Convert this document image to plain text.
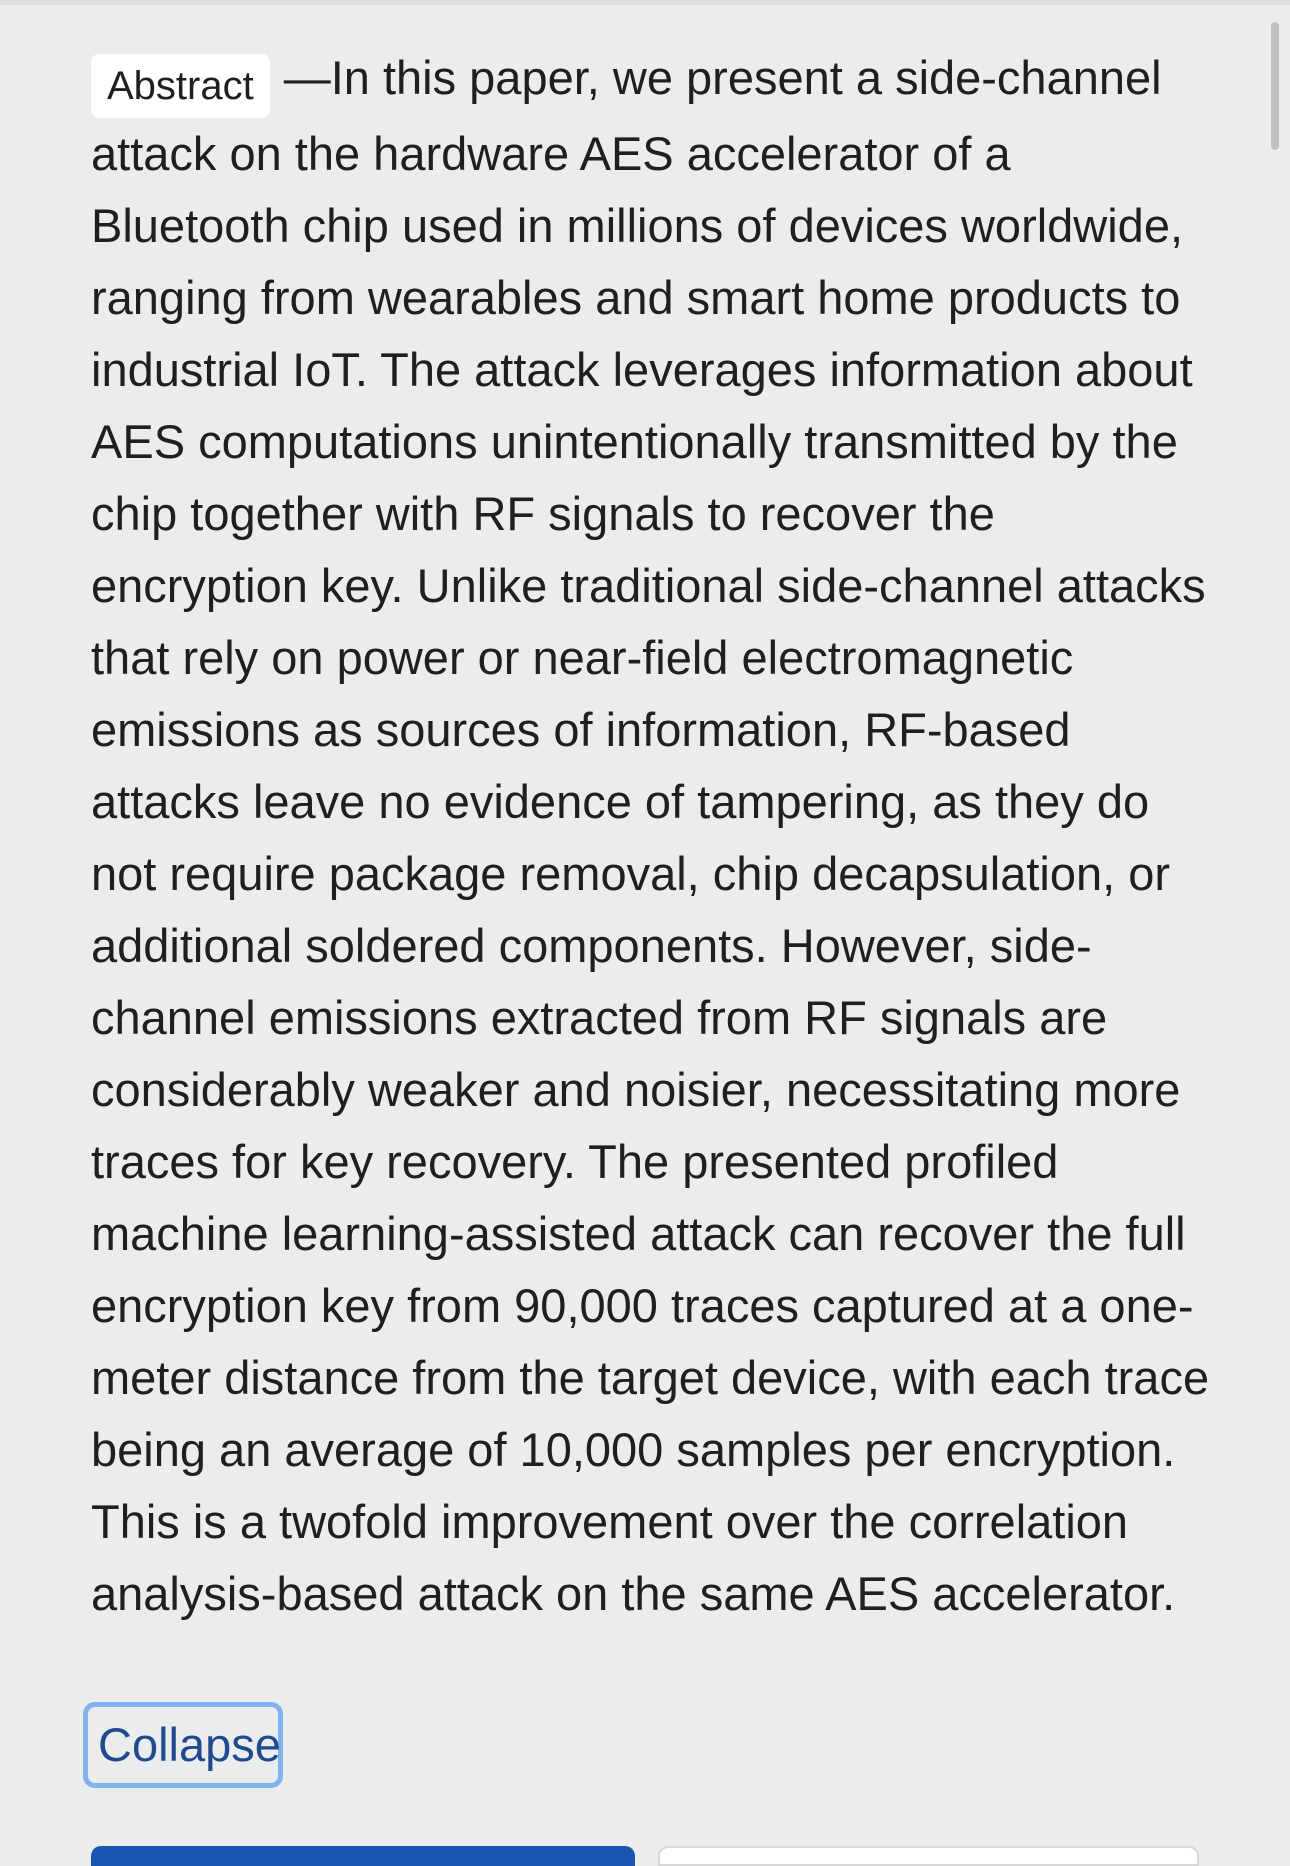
Abstract —In this paper, we present a side-channel attack on the hardware AES accelerator of a Bluetooth chip used in millions of devices worldwide, ranging from wearables and smart home products to industrial IoT. The attack leverages information about AES computations unintentionally transmitted by the chip together with RF signals to recover the encryption key. Unlike traditional side-channel attacks that rely on power or near-field electromagnetic emissions as sources of information, RF-based attacks leave no evidence of tampering, as they do not require package removal, chip decapsulation, or additional soldered components. However, side-channel emissions extracted from RF signals are considerably weaker and noisier, necessitating more traces for key recovery. The presented profiled machine learning-assisted attack can recover the full encryption key from 90,000 traces captured at a one-meter distance from the target device, with each trace being an average of 10,000 samples per encryption. This is a twofold improvement over the correlation analysis-based attack on the same AES accelerator.
Collapse
